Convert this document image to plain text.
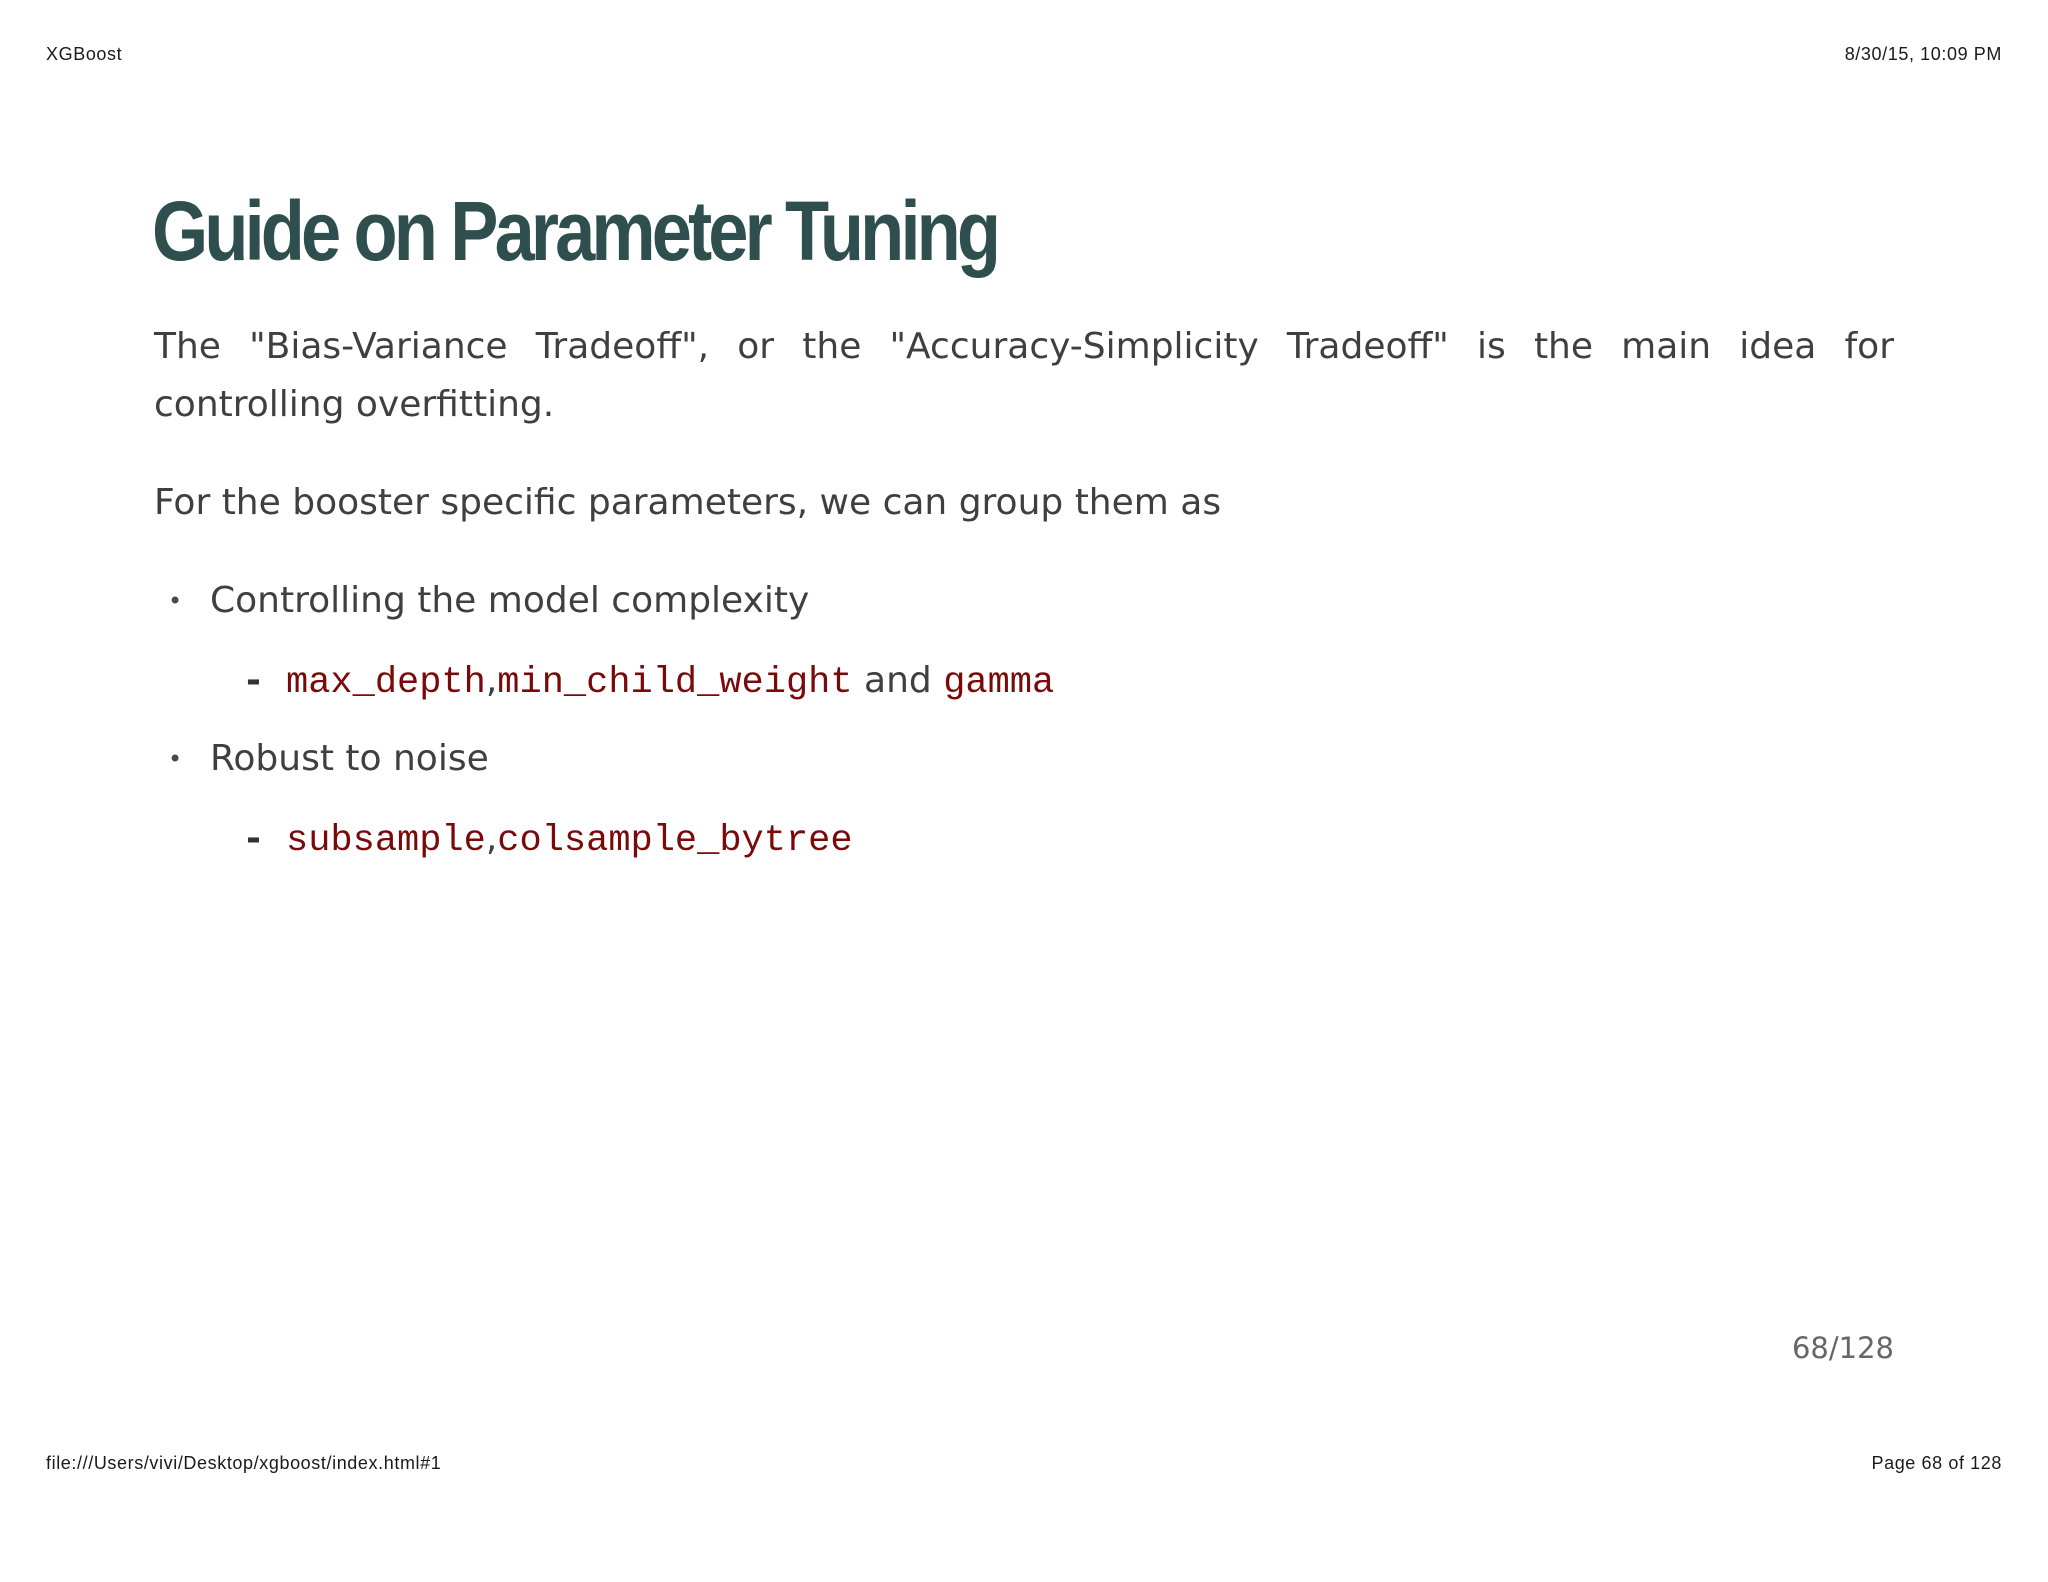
XGBoost	8/30/15, 10:09 PM
Guide on Parameter Tuning

The "Bias-Variance Tradeoff", or the "Accuracy-Simplicity Tradeoff" is the main idea for controlling overfitting.

For the booster specific parameters, we can group them as

• Controlling the model complexity
- max_depth,min_child_weight and gamma
• Robust to noise
- subsample,colsample_bytree
68/128
file:///Users/vivi/Desktop/xgboost/index.html#1	Page 68 of 128
